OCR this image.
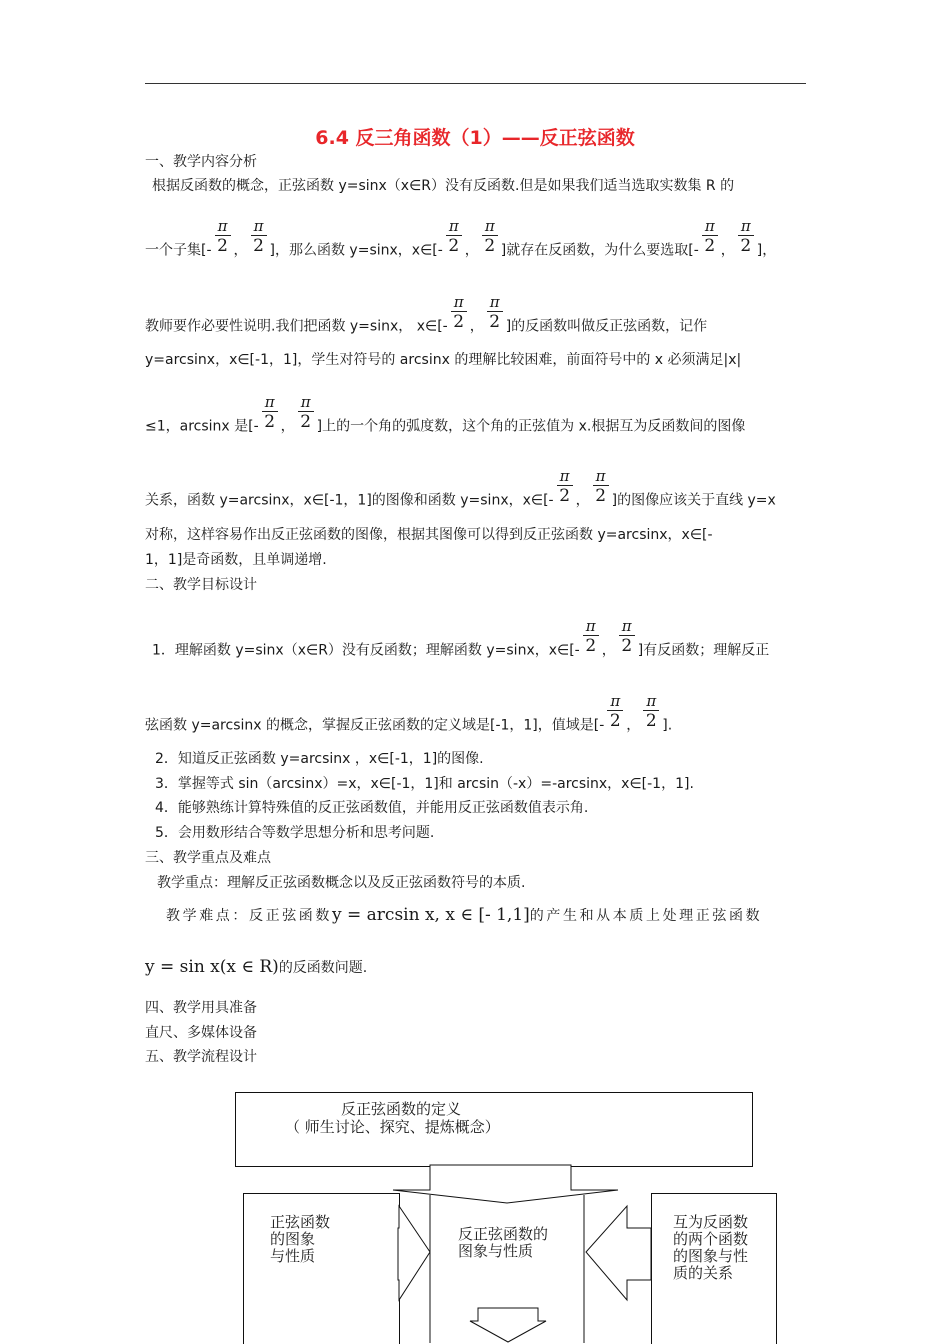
6.4 反三角函数（1）——反正弦函数
一、教学内容分析
根据反函数的概念，正弦函数 y=sinx（x∈R）没有反函数.但是如果我们适当选取实数集 R 的
一个子集[- $\frac{\pi}{2}$ ， $\frac{\pi}{2}$ ]，那么函数 y=sinx，x∈[- $\frac{\pi}{2}$ ， $\frac{\pi}{2}$ ]就存在反函数，为什么要选取[- $\frac{\pi}{2}$ ， $\frac{\pi}{2}$ ]，
教师要作必要性说明.我们把函数 y=sinx， x∈[- $\frac{\pi}{2}$ ， $\frac{\pi}{2}$ ]的反函数叫做反正弦函数，记作
y=arcsinx，x∈[-1，1]，学生对符号的 arcsinx 的理解比较困难，前面符号中的 x 必须满足|x|
≤1，arcsinx 是[- $\frac{\pi}{2}$ ， $\frac{\pi}{2}$ ]上的一个角的弧度数，这个角的正弦值为 x.根据互为反函数间的图像
关系，函数 y=arcsinx，x∈[-1，1]的图像和函数 y=sinx，x∈[- $\frac{\pi}{2}$ ， $\frac{\pi}{2}$ ]的图像应该关于直线 y=x
对称，这样容易作出反正弦函数的图像，根据其图像可以得到反正弦函数 y=arcsinx，x∈[-
1，1]是奇函数，且单调递增.
二、教学目标设计
1．理解函数 y=sinx（x∈R）没有反函数；理解函数 y=sinx，x∈[- $\frac{\pi}{2}$ ， $\frac{\pi}{2}$ ]有反函数；理解反正
弦函数 y=arcsinx 的概念，掌握反正弦函数的定义域是[-1，1]，值域是[- $\frac{\pi}{2}$ ， $\frac{\pi}{2}$ ].
2．知道反正弦函数 y=arcsinx ，x∈[-1，1]的图像.
3．掌握等式 sin（arcsinx）=x，x∈[-1，1]和 arcsin（-x）=-arcsinx，x∈[-1，1].
4．能够熟练计算特殊值的反正弦函数值，并能用反正弦函数值表示角.
5．会用数形结合等数学思想分析和思考问题.
三、教学重点及难点
教学重点：理解反正弦函数概念以及反正弦函数符号的本质.
教学难点：反正弦函数y = arcsin x, x ∈ [- 1,1]的产生和从本质上处理正弦函数
y = sin x(x ∈ R)的反函数问题.
四、教学用具准备
直尺、多媒体设备
五、教学流程设计
反正弦函数的定义
（ 师生讨论、探究、提炼概念）
正弦函数
的图象
与性质
反正弦函数的
图象与性质
互为反函数
的两个函数
的图象与性
质的关系
